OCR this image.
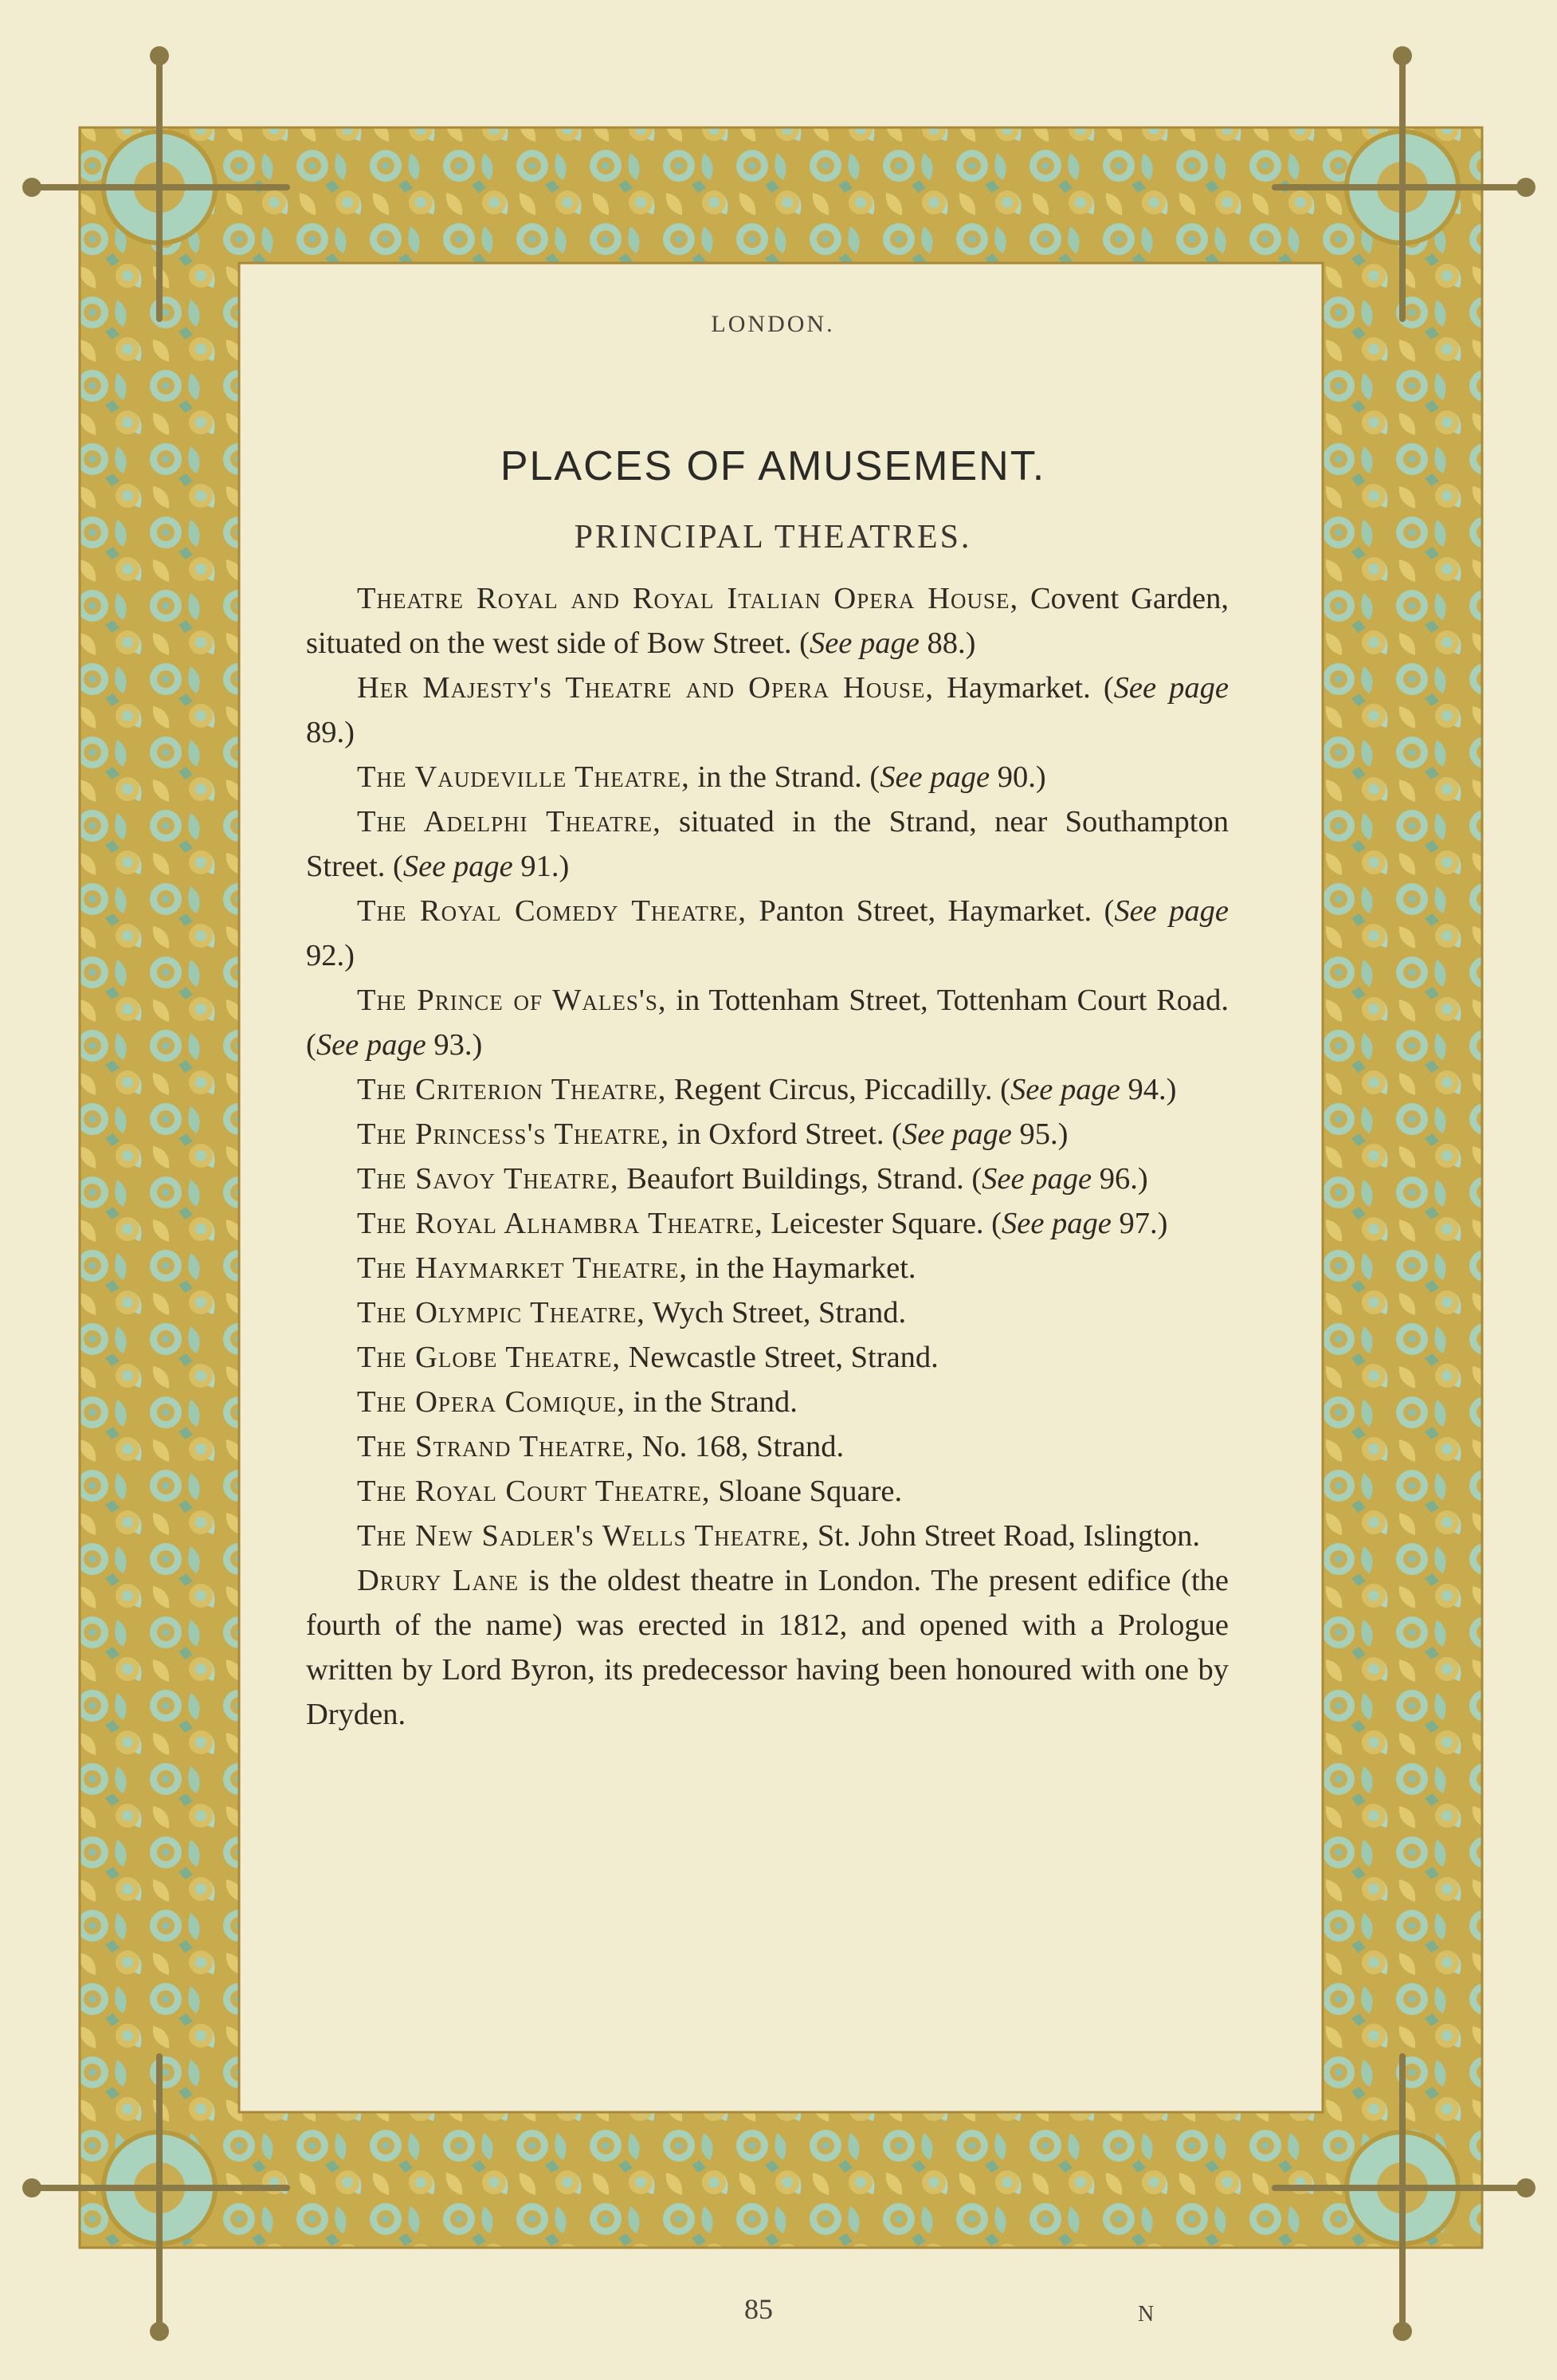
LONDON.
PLACES OF AMUSEMENT.
PRINCIPAL THEATRES.

Theatre Royal and Royal Italian Opera House, Covent Garden, situated on the west side of Bow Street. (See page 88.)

Her Majesty's Theatre and Opera House, Haymarket. (See page 89.)

The Vaudeville Theatre, in the Strand. (See page 90.)

The Adelphi Theatre, situated in the Strand, near Southampton Street. (See page 91.)

The Royal Comedy Theatre, Panton Street, Haymarket. (See page 92.)

The Prince of Wales's, in Tottenham Street, Tottenham Court Road. (See page 93.)

The Criterion Theatre, Regent Circus, Piccadilly. (See page 94.)

The Princess's Theatre, in Oxford Street. (See page 95.)

The Savoy Theatre, Beaufort Buildings, Strand. (See page 96.)

The Royal Alhambra Theatre, Leicester Square. (See page 97.)

The Haymarket Theatre, in the Haymarket.

The Olympic Theatre, Wych Street, Strand.

The Globe Theatre, Newcastle Street, Strand.

The Opera Comique, in the Strand.

The Strand Theatre, No. 168, Strand.

The Royal Court Theatre, Sloane Square.

The New Sadler's Wells Theatre, St. John Street Road, Islington.

Drury Lane is the oldest theatre in London. The present edifice (the fourth of the name) was erected in 1812, and opened with a Prologue written by Lord Byron, its predecessor having been honoured with one by Dryden.

85	N
